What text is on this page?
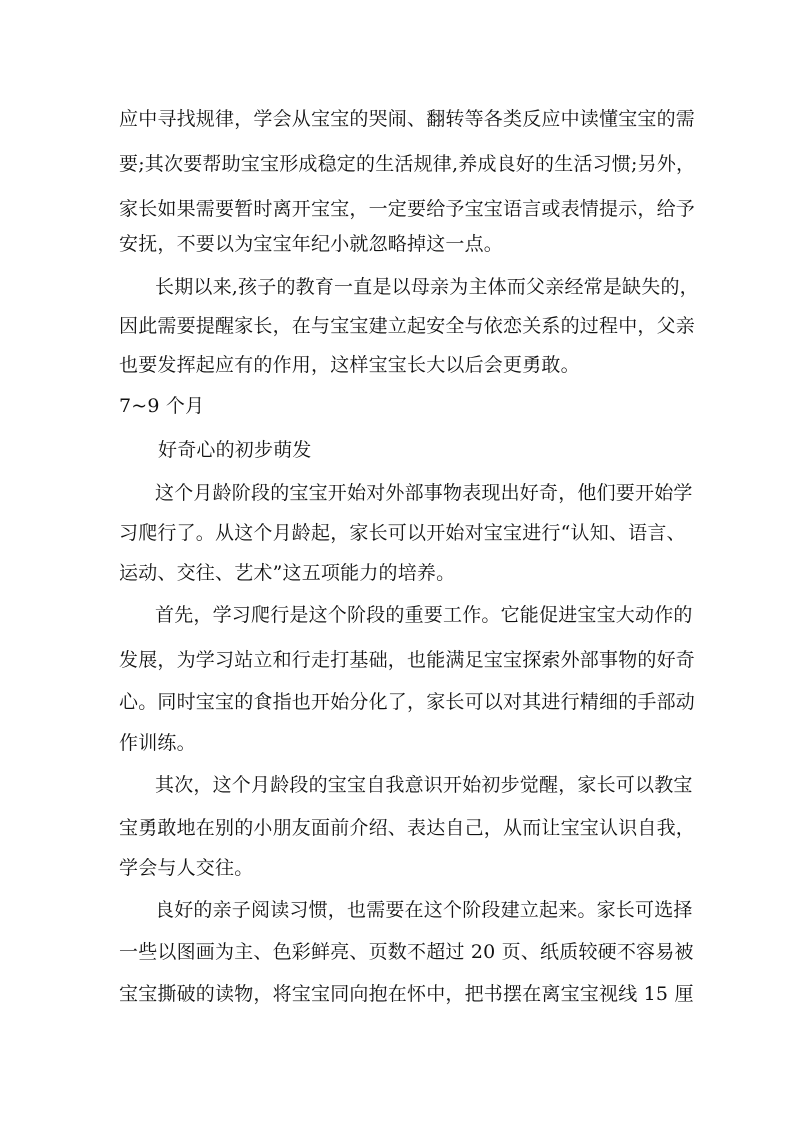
应中寻找规律，学会从宝宝的哭闹、翻转等各类反应中读懂宝宝的需
要;其次要帮助宝宝形成稳定的生活规律,养成良好的生活习惯;另外，
家长如果需要暂时离开宝宝，一定要给予宝宝语言或表情提示，给予
安抚，不要以为宝宝年纪小就忽略掉这一点。
长期以来,孩子的教育一直是以母亲为主体而父亲经常是缺失的，
因此需要提醒家长，在与宝宝建立起安全与依恋关系的过程中，父亲
也要发挥起应有的作用，这样宝宝长大以后会更勇敢。
7~9 个月
好奇心的初步萌发
这个月龄阶段的宝宝开始对外部事物表现出好奇，他们要开始学
习爬行了。从这个月龄起，家长可以开始对宝宝进行“认知、语言、
运动、交往、艺术”这五项能力的培养。
首先，学习爬行是这个阶段的重要工作。它能促进宝宝大动作的
发展，为学习站立和行走打基础，也能满足宝宝探索外部事物的好奇
心。同时宝宝的食指也开始分化了，家长可以对其进行精细的手部动
作训练。
其次，这个月龄段的宝宝自我意识开始初步觉醒，家长可以教宝
宝勇敢地在别的小朋友面前介绍、表达自己，从而让宝宝认识自我，
学会与人交往。
良好的亲子阅读习惯，也需要在这个阶段建立起来。家长可选择
一些以图画为主、色彩鲜亮、页数不超过 20 页、纸质较硬不容易被
宝宝撕破的读物，将宝宝同向抱在怀中，把书摆在离宝宝视线 15 厘
